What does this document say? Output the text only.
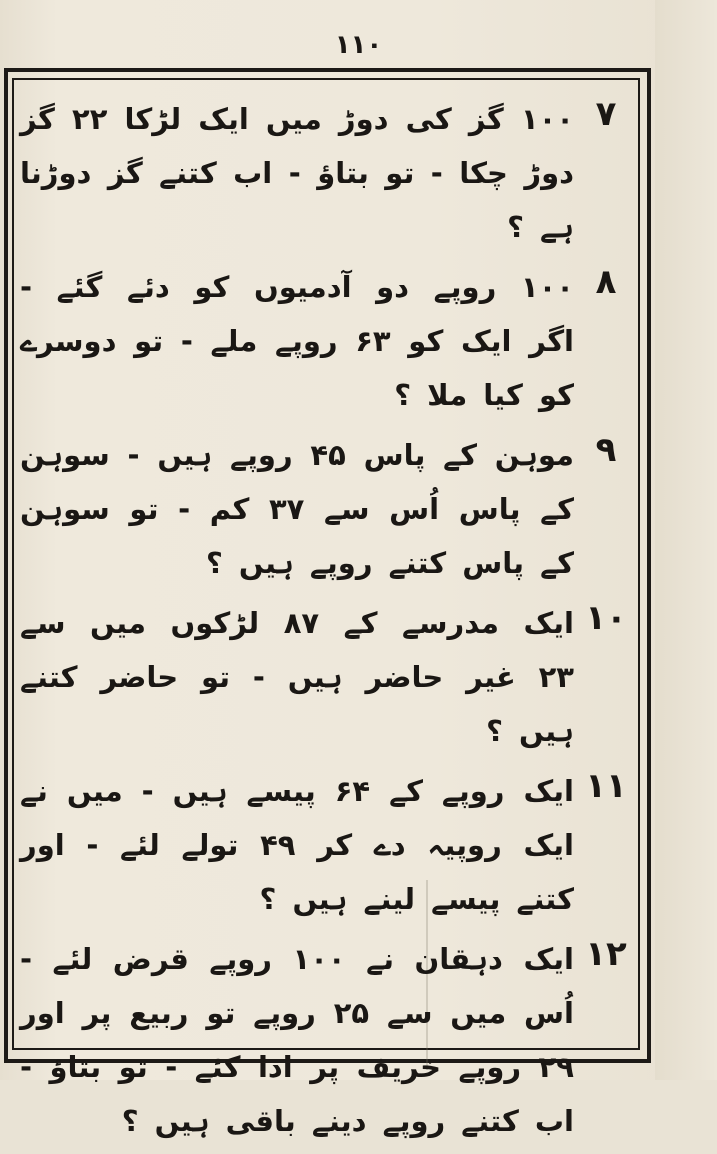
۱۱۰
۷
۱۰۰ گز کی دوڑ میں ایک لڑکا ۲۲ گز دوڑ چکا - تو بتاؤ - اب کتنے گز دوڑنا ہے ؟
۸
۱۰۰ روپے دو آدمیوں کو دئے گئے - اگر ایک کو ۶۳ روپے ملے - تو دوسرے کو کیا ملا ؟
۹
موہن کے پاس ۴۵ روپے ہیں - سوہن کے پاس اُس سے ۳۷ کم - تو سوہن کے پاس کتنے روپے ہیں ؟
۱۰
ایک مدرسے کے ۸۷ لڑکوں میں سے ۲۳ غیر حاضر ہیں - تو حاضر کتنے ہیں ؟
۱۱
ایک روپے کے ۶۴ پیسے ہیں - میں نے ایک روپیہ دے کر ۴۹ تولے لئے - اور کتنے پیسے لینے ہیں ؟
۱۲
ایک دہقان نے ۱۰۰ روپے قرض لئے - اُس میں سے ۲۵ روپے تو ربیع پر اور ۲۹ روپے خریف پر ادا کئے - تو بتاؤ - اب کتنے روپے دینے باقی ہیں ؟
